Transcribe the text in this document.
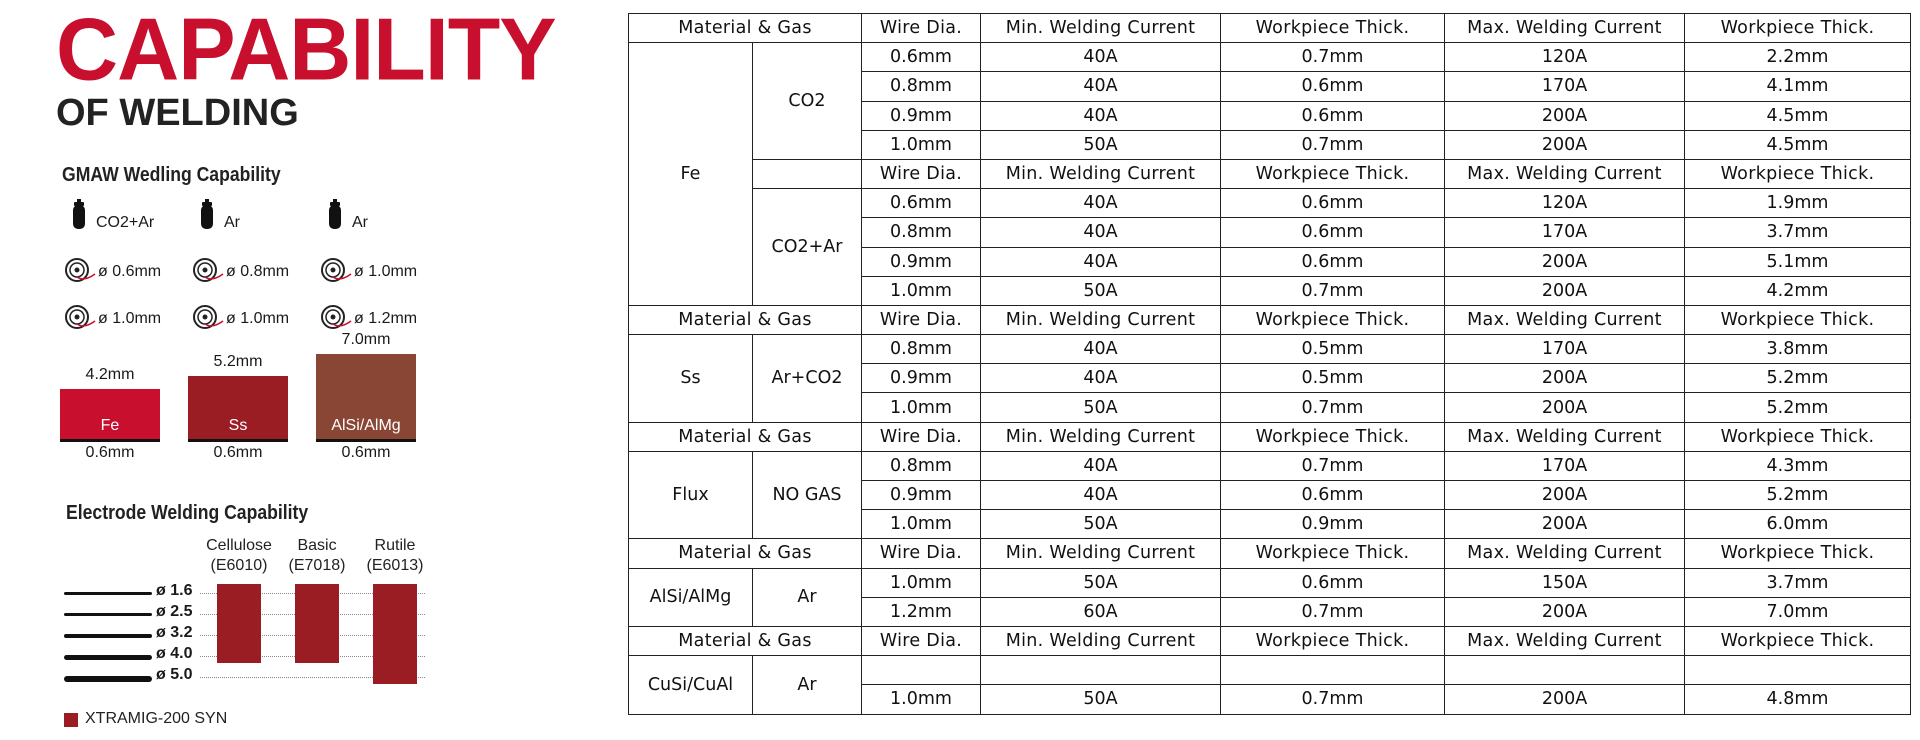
CAPABILITY
OF WELDING
GMAW Wedling Capability
CO2+Ar
ø 0.6mm
ø 1.0mm
Fe
4.2mm
0.6mm
Ar
ø 0.8mm
ø 1.0mm
Ss
5.2mm
0.6mm
Ar
ø 1.0mm
ø 1.2mm
AlSi/AlMg
7.0mm
0.6mm
Electrode Welding Capability
ø 1.6
ø 2.5
ø 3.2
ø 4.0
ø 5.0
Cellulose
(E6010)
Basic
(E7018)
Rutile
(E6013)
XTRAMIG-200 SYN
Material & Gas		Wire Dia.	Min. Welding Current	Workpiece Thick.	Max. Welding Current	Workpiece Thick.
Fe	CO2	0.6mm	40A	0.7mm	120A	2.2mm
		0.8mm	40A	0.6mm	170A	4.1mm
		0.9mm	40A	0.6mm	200A	4.5mm
		1.0mm	50A	0.7mm	200A	4.5mm
		Wire Dia.	Min. Welding Current	Workpiece Thick.	Max. Welding Current	Workpiece Thick.
	CO2+Ar	0.6mm	40A	0.6mm	120A	1.9mm
		0.8mm	40A	0.6mm	170A	3.7mm
		0.9mm	40A	0.6mm	200A	5.1mm
		1.0mm	50A	0.7mm	200A	4.2mm
Material & Gas		Wire Dia.	Min. Welding Current	Workpiece Thick.	Max. Welding Current	Workpiece Thick.
Ss	Ar+CO2	0.8mm	40A	0.5mm	170A	3.8mm
		0.9mm	40A	0.5mm	200A	5.2mm
		1.0mm	50A	0.7mm	200A	5.2mm
Material & Gas		Wire Dia.	Min. Welding Current	Workpiece Thick.	Max. Welding Current	Workpiece Thick.
Flux	NO GAS	0.8mm	40A	0.7mm	170A	4.3mm
		0.9mm	40A	0.6mm	200A	5.2mm
		1.0mm	50A	0.9mm	200A	6.0mm
Material & Gas		Wire Dia.	Min. Welding Current	Workpiece Thick.	Max. Welding Current	Workpiece Thick.
AlSi/AlMg	Ar	1.0mm	50A	0.6mm	150A	3.7mm
		1.2mm	60A	0.7mm	200A	7.0mm
Material & Gas		Wire Dia.	Min. Welding Current	Workpiece Thick.	Max. Welding Current	Workpiece Thick.
CuSi/CuAl	Ar					
		1.0mm	50A	0.7mm	200A	4.8mm
